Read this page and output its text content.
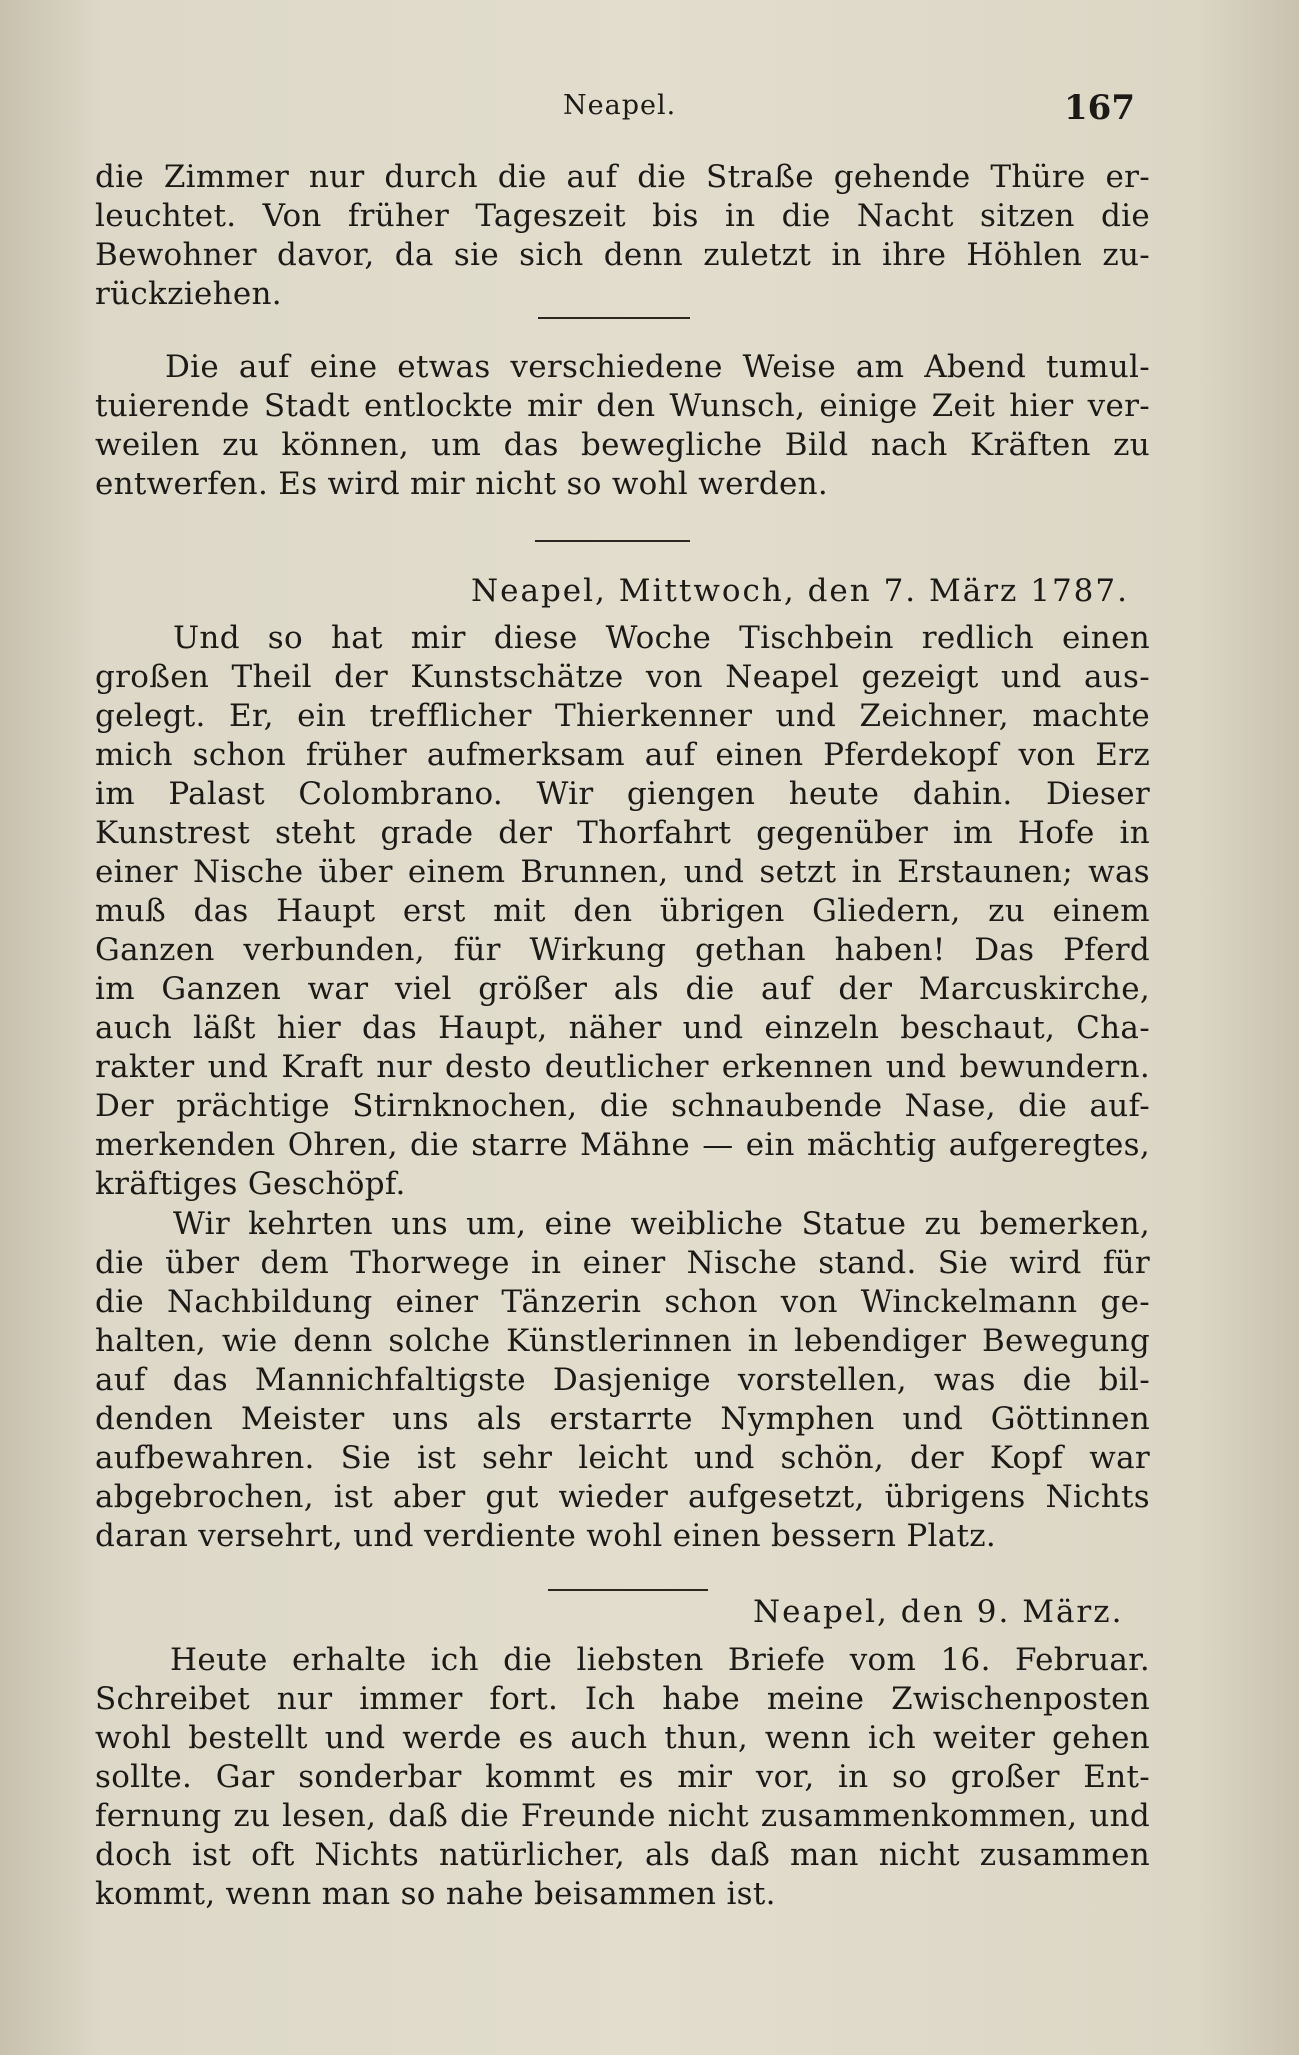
Neapel.	167
die Zimmer nur durch die auf die Straße gehende Thüre er-
leuchtet. Von früher Tageszeit bis in die Nacht sitzen die
Bewohner davor, da sie sich denn zuletzt in ihre Höhlen zu-
rückziehen.
Die auf eine etwas verschiedene Weise am Abend tumul-
tuierende Stadt entlockte mir den Wunsch, einige Zeit hier ver-
weilen zu können, um das bewegliche Bild nach Kräften zu
entwerfen. Es wird mir nicht so wohl werden.
Neapel, Mittwoch, den 7. März 1787.
Und so hat mir diese Woche Tischbein redlich einen
großen Theil der Kunstschätze von Neapel gezeigt und aus-
gelegt. Er, ein trefflicher Thierkenner und Zeichner, machte
mich schon früher aufmerksam auf einen Pferdekopf von Erz
im Palast Colombrano. Wir giengen heute dahin. Dieser
Kunstrest steht grade der Thorfahrt gegenüber im Hofe in
einer Nische über einem Brunnen, und setzt in Erstaunen; was
muß das Haupt erst mit den übrigen Gliedern, zu einem
Ganzen verbunden, für Wirkung gethan haben! Das Pferd
im Ganzen war viel größer als die auf der Marcuskirche,
auch läßt hier das Haupt, näher und einzeln beschaut, Cha-
rakter und Kraft nur desto deutlicher erkennen und bewundern.
Der prächtige Stirnknochen, die schnaubende Nase, die auf-
merkenden Ohren, die starre Mähne — ein mächtig aufgeregtes,
kräftiges Geschöpf.
Wir kehrten uns um, eine weibliche Statue zu bemerken,
die über dem Thorwege in einer Nische stand. Sie wird für
die Nachbildung einer Tänzerin schon von Winckelmann ge-
halten, wie denn solche Künstlerinnen in lebendiger Bewegung
auf das Mannichfaltigste Dasjenige vorstellen, was die bil-
denden Meister uns als erstarrte Nymphen und Göttinnen
aufbewahren. Sie ist sehr leicht und schön, der Kopf war
abgebrochen, ist aber gut wieder aufgesetzt, übrigens Nichts
daran versehrt, und verdiente wohl einen bessern Platz.
Neapel, den 9. März.
Heute erhalte ich die liebsten Briefe vom 16. Februar.
Schreibet nur immer fort. Ich habe meine Zwischenposten
wohl bestellt und werde es auch thun, wenn ich weiter gehen
sollte. Gar sonderbar kommt es mir vor, in so großer Ent-
fernung zu lesen, daß die Freunde nicht zusammenkommen, und
doch ist oft Nichts natürlicher, als daß man nicht zusammen
kommt, wenn man so nahe beisammen ist.
